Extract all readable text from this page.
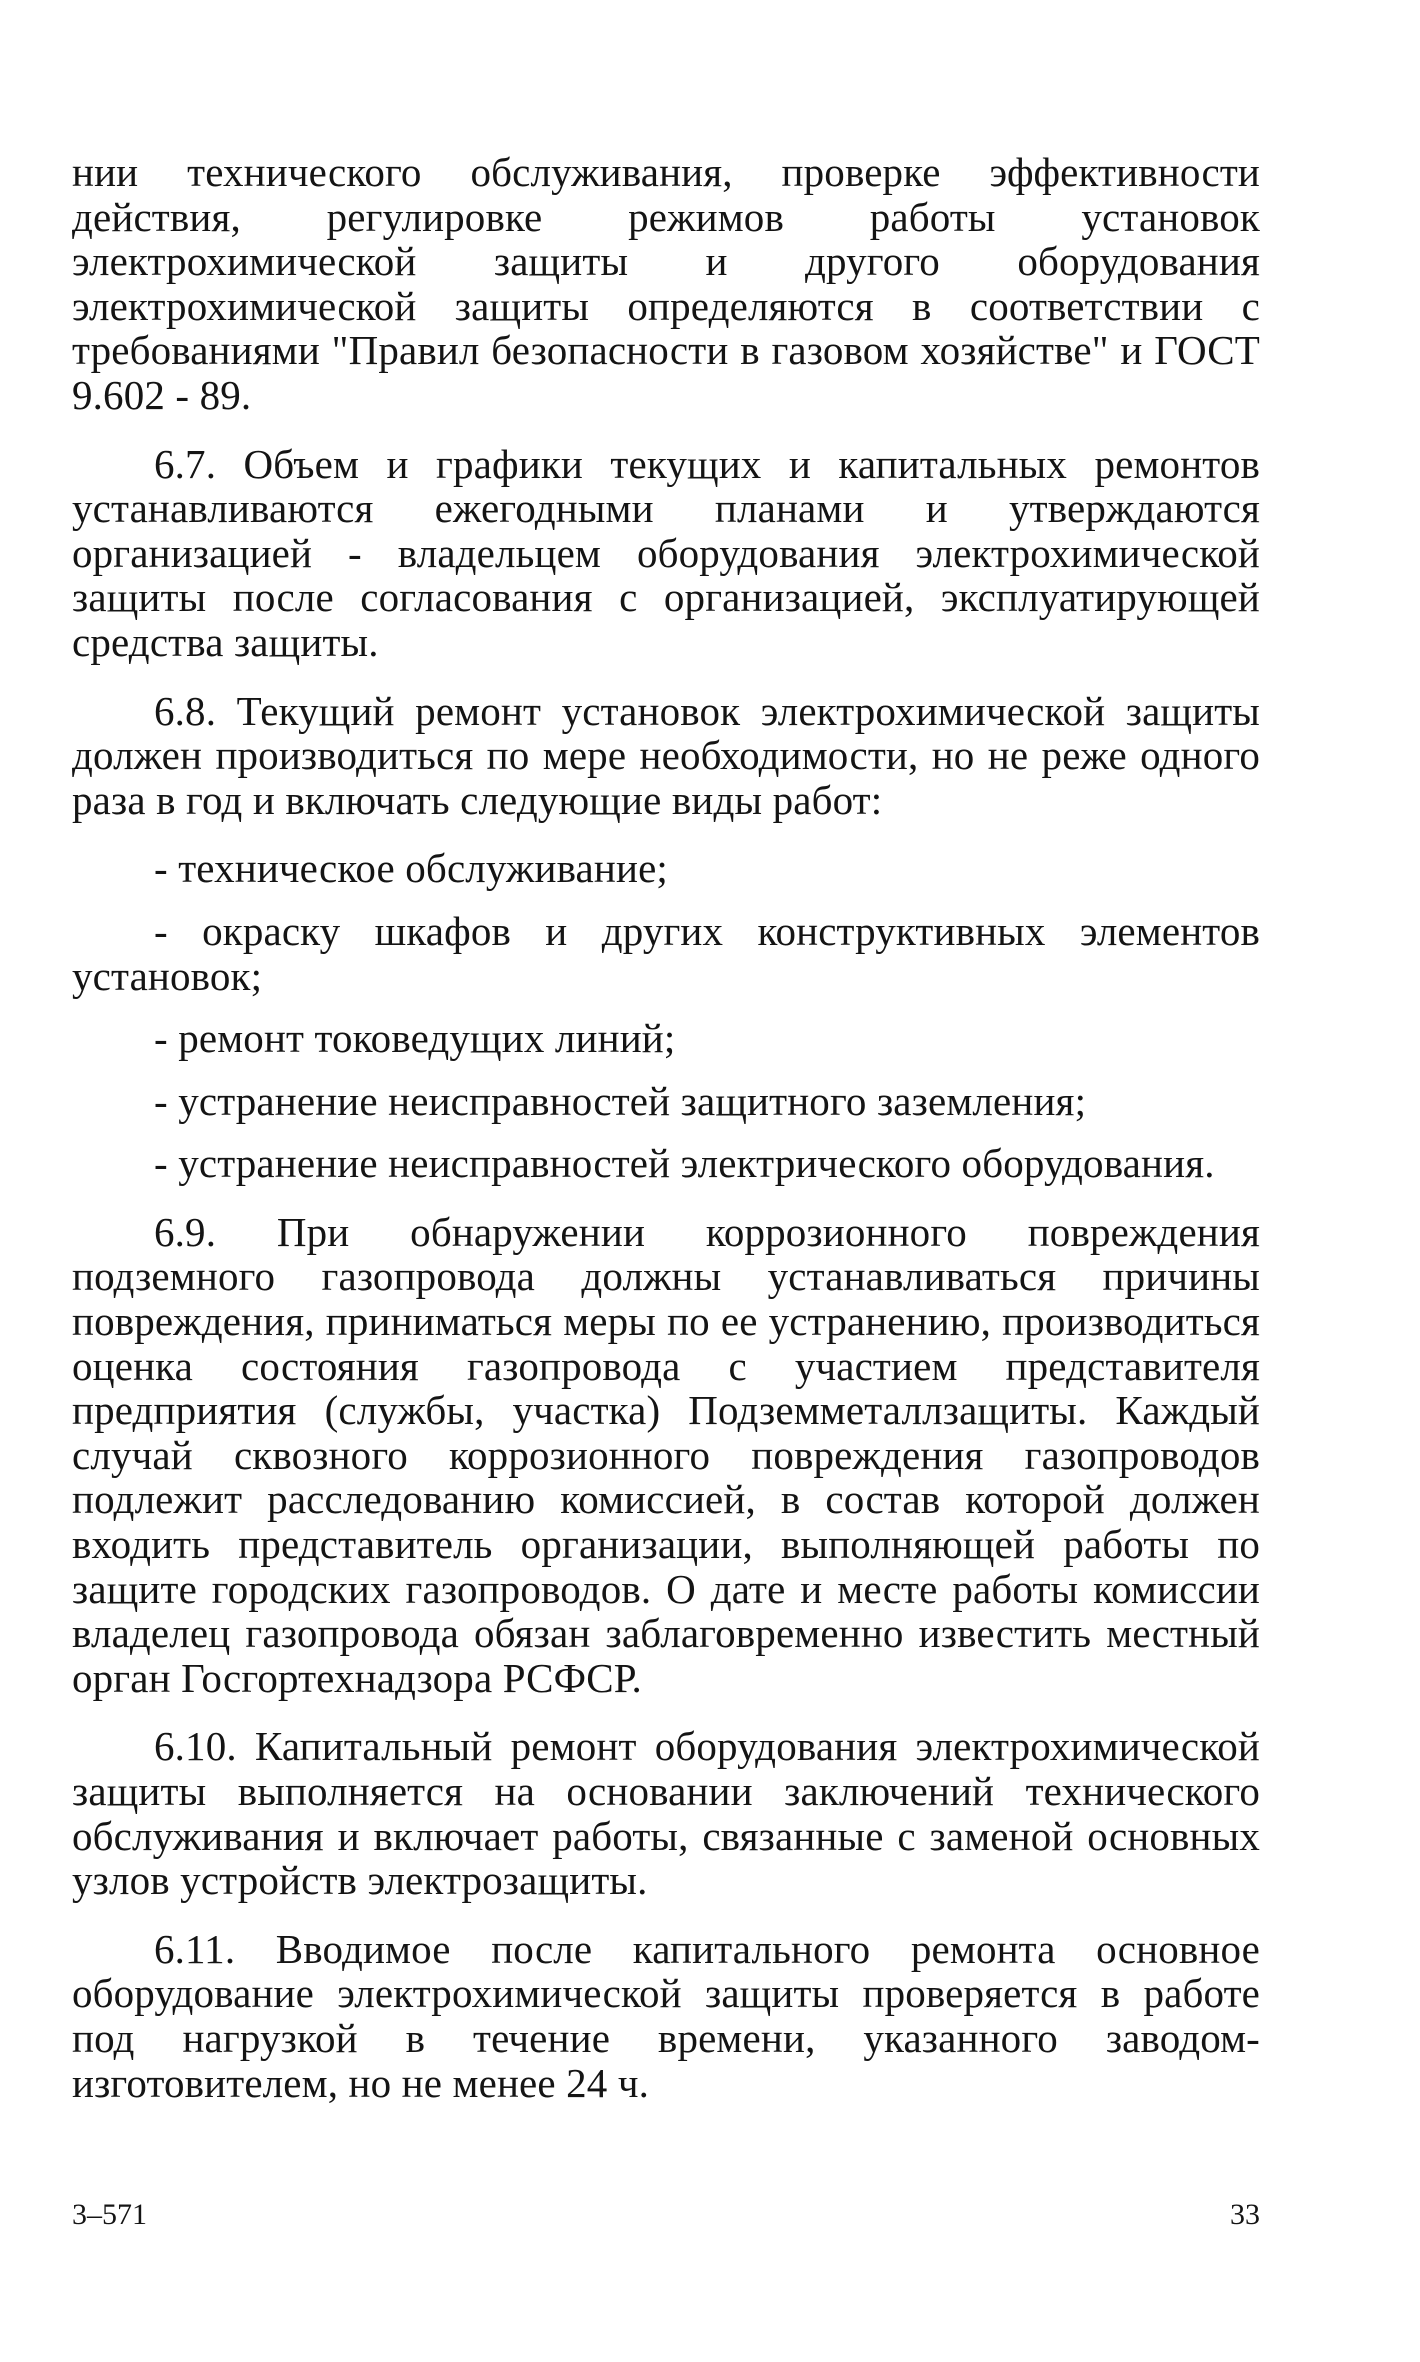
нии технического обслуживания, проверке эффективности действия, регулировке режимов работы установок электрохимической защиты и другого оборудования электрохимической защиты определяются в соответствии с требованиями "Правил безопасности в газовом хозяйстве" и ГОСТ 9.602 - 89.

6.7. Объем и графики текущих и капитальных ремонтов устанавливаются ежегодными планами и утверждаются организацией - владельцем оборудования электрохимической защиты после согласования с организацией, эксплуатирующей средства защиты.

6.8. Текущий ремонт установок электрохимической защиты должен производиться по мере необходимости, но не реже одного раза в год и включать следующие виды работ:

- техническое обслуживание;
- окраску шкафов и других конструктивных элементов установок;
- ремонт токоведущих линий;
- устранение неисправностей защитного заземления;
- устранение неисправностей электрического оборудования.

6.9. При обнаружении коррозионного повреждения подземного газопровода должны устанавливаться причины повреждения, приниматься меры по ее устранению, производиться оценка состояния газопровода с участием представителя предприятия (службы, участка) Подземметаллзащиты. Каждый случай сквозного коррозионного повреждения газопроводов подлежит расследованию комиссией, в состав которой должен входить представитель организации, выполняющей работы по защите городских газопроводов. О дате и месте работы комиссии владелец газопровода обязан заблаговременно известить местный орган Госгортехнадзора РСФСР.

6.10. Капитальный ремонт оборудования электрохимической защиты выполняется на основании заключений технического обслуживания и включает работы, связанные с заменой основных узлов устройств электрозащиты.

6.11. Вводимое после капитального ремонта основное оборудование электрохимической защиты проверяется в работе под нагрузкой в течение времени, указанного заводом-изготовителем, но не менее 24 ч.

3–571	33
